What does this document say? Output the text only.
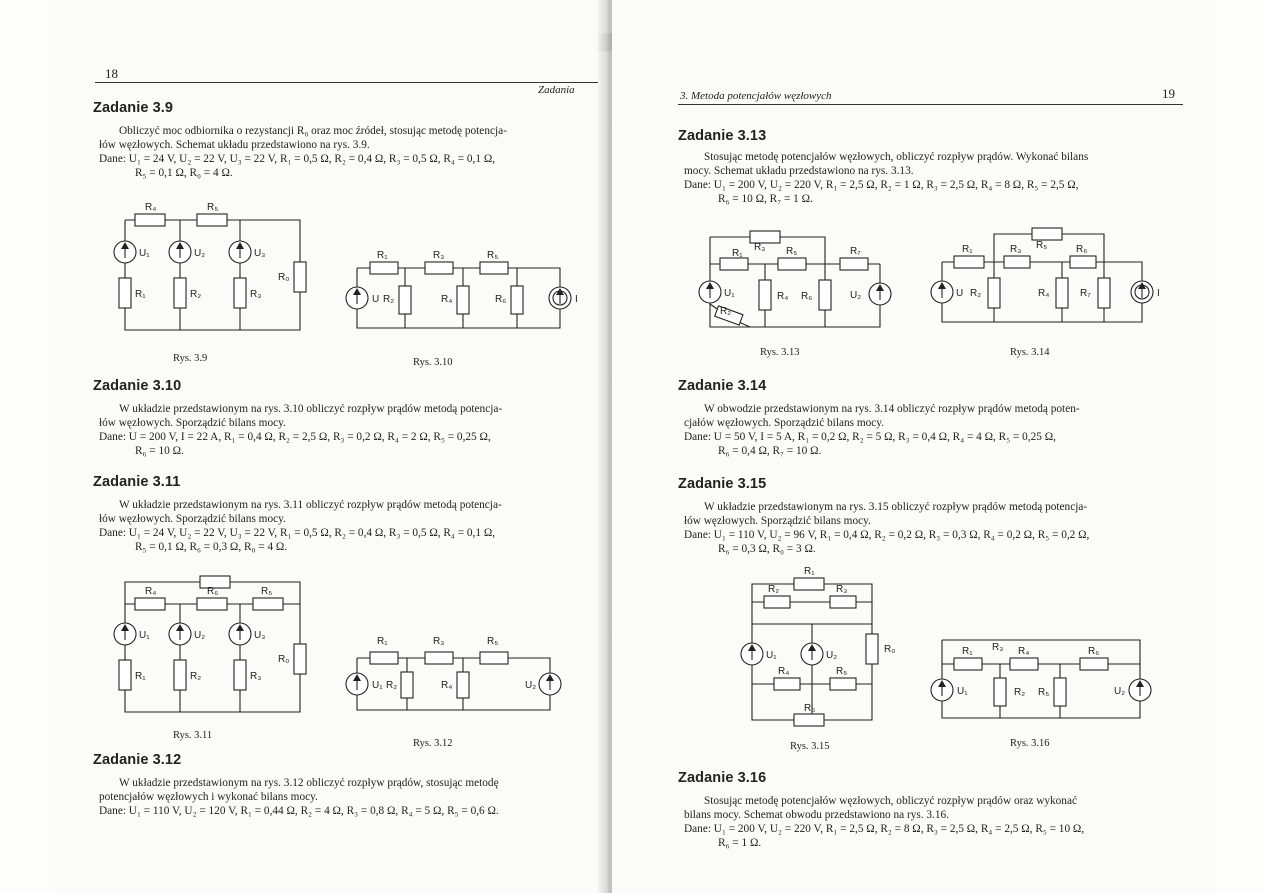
18
Zadania
Zadanie 3.9
Obliczyć moc odbiornika o rezystancji R₀ oraz moc źródeł, stosując metodę potencja-
łów węzłowych. Schemat układu przedstawiono na rys. 3.9.
Dane: U₁ = 24 V, U₂ = 22 V, U₃ = 22 V, R₁ = 0,5 Ω, R₂ = 0,4 Ω, R₃ = 0,5 Ω, R₄ = 0,1 Ω,
R₅ = 0,1 Ω, R₀ = 4 Ω.
R₄	R₅
U₁	U₂	U₃
R₁	R₂	R₃
R₀
Rys. 3.9
R₁	R₃	R₅
U R₂	R₄	R₆	I
Rys. 3.10
Zadanie 3.10
W układzie przedstawionym na rys. 3.10 obliczyć rozpływ prądów metodą potencja-
łów węzłowych. Sporządzić bilans mocy.
Dane: U = 200 V, I = 22 A, R₁ = 0,4 Ω, R₂ = 2,5 Ω, R₃ = 0,2 Ω, R₄ = 2 Ω, R₅ = 0,25 Ω,
R₆ = 10 Ω.
Zadanie 3.11
W układzie przedstawionym na rys. 3.11 obliczyć rozpływ prądów metodą potencja-
łów węzłowych. Sporządzić bilans mocy.
Dane: U₁ = 24 V, U₂ = 22 V, U₃ = 22 V, R₁ = 0,5 Ω, R₂ = 0,4 Ω, R₃ = 0,5 Ω, R₄ = 0,1 Ω,
R₅ = 0,1 Ω, R₆ = 0,3 Ω, R₀ = 4 Ω.
R₄	R₆	R₅
U₁	U₂	U₃
R₁	R₂	R₃
R₀
Rys. 3.11
R₁	R₃	R₅
U₁ R₂	R₄	U₂
Rys. 3.12
Zadanie 3.12
W układzie przedstawionym na rys. 3.12 obliczyć rozpływ prądów, stosując metodę
potencjałów węzłowych i wykonać bilans mocy.
Dane: U₁ = 110 V, U₂ = 120 V, R₁ = 0,44 Ω, R₂ = 4 Ω, R₃ = 0,8 Ω, R₄ = 5 Ω, R₅ = 0,6 Ω.
3. Metoda potencjałów węzłowych	19
Zadanie 3.13
Stosując metodę potencjałów węzłowych, obliczyć rozpływ prądów. Wykonać bilans
mocy. Schemat układu przedstawiono na rys. 3.13.
Dane: U₁ = 200 V, U₂ = 220 V, R₁ = 2,5 Ω, R₂ = 1 Ω, R₃ = 2,5 Ω, R₄ = 8 Ω, R₅ = 2,5 Ω,
R₆ = 10 Ω, R₇ = 1 Ω.
R₁
R₃ R₅	R₇
U₁
R₂
R₄ R₆	U₂
Rys. 3.13
R₁	R₃ R₅	R₆
U R₂	R₄	R₇	I
Rys. 3.14
Zadanie 3.14
W obwodzie przedstawionym na rys. 3.14 obliczyć rozpływ prądów metodą poten-
cjałów węzłowych. Sporządzić bilans mocy.
Dane: U = 50 V, I = 5 A, R₁ = 0,2 Ω, R₂ = 5 Ω, R₃ = 0,4 Ω, R₄ = 4 Ω, R₅ = 0,25 Ω,
R₆ = 0,4 Ω, R₇ = 10 Ω.
Zadanie 3.15
W układzie przedstawionym na rys. 3.15 obliczyć rozpływ prądów metodą potencja-
łów węzłowych. Sporządzić bilans mocy.
Dane: U₁ = 110 V, U₂ = 96 V, R₁ = 0,4 Ω, R₂ = 0,2 Ω, R₃ = 0,3 Ω, R₄ = 0,2 Ω, R₅ = 0,2 Ω,
R₆ = 0,3 Ω, R₀ = 3 Ω.
R₁
R₂	R₃
U₁	U₂
R₀
R₄	R₅
R₆
Rys. 3.15
R₁ R₃ R₄	R₆
U₁	R₂ R₅	U₂
Rys. 3.16
Zadanie 3.16
Stosując metodę potencjałów węzłowych, obliczyć rozpływ prądów oraz wykonać
bilans mocy. Schemat obwodu przedstawiono na rys. 3.16.
Dane: U₁ = 200 V, U₂ = 220 V, R₁ = 2,5 Ω, R₂ = 8 Ω, R₃ = 2,5 Ω, R₄ = 2,5 Ω, R₅ = 10 Ω,
R₆ = 1 Ω.
